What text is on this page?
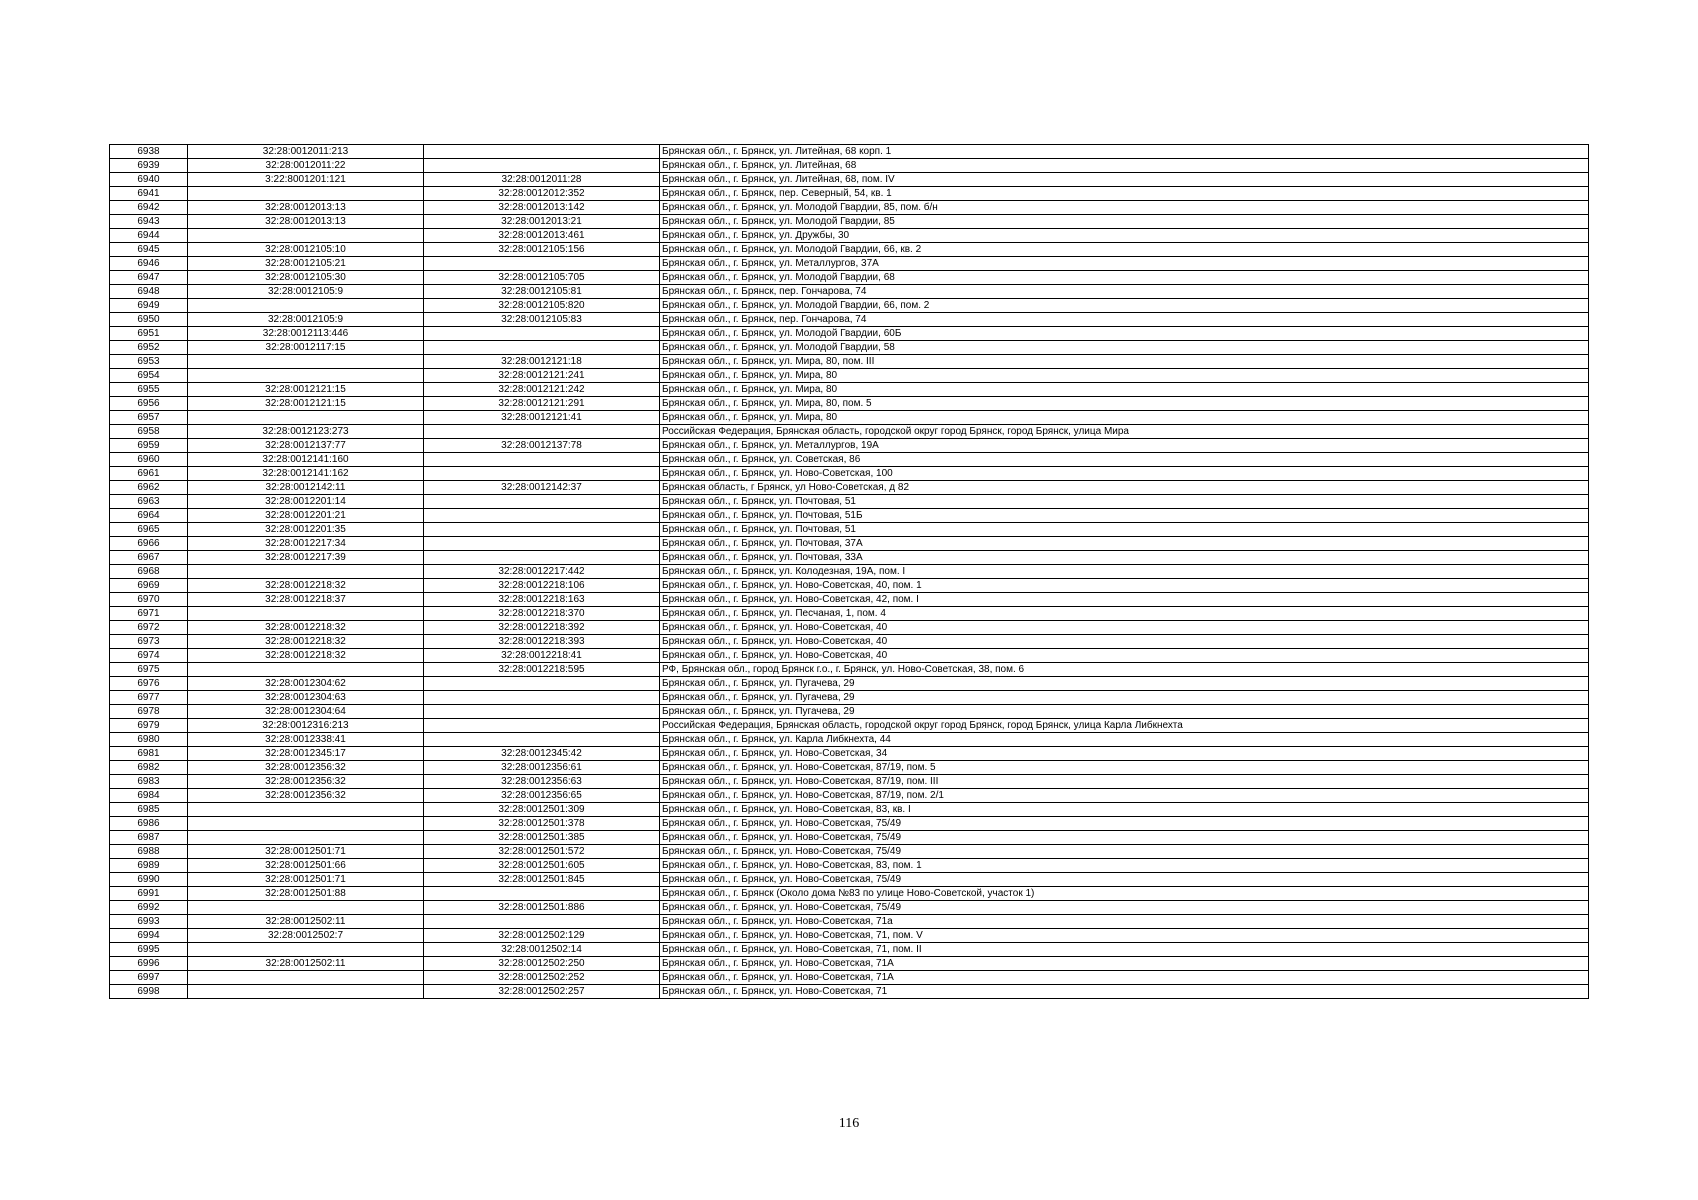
6938	32:28:0012011:213		Брянская обл., г. Брянск, ул. Литейная, 68 корп. 1
6939	32:28:0012011:22		Брянская обл., г. Брянск, ул. Литейная, 68
6940	3:22:8001201:121	32:28:0012011:28	Брянская обл., г. Брянск, ул. Литейная, 68, пом. IV
6941		32:28:0012012:352	Брянская обл., г. Брянск, пер. Северный, 54, кв. 1
6942	32:28:0012013:13	32:28:0012013:142	Брянская обл., г. Брянск, ул. Молодой Гвардии, 85, пом. б/н
6943	32:28:0012013:13	32:28:0012013:21	Брянская обл., г. Брянск, ул. Молодой Гвардии, 85
6944		32:28:0012013:461	Брянская обл., г. Брянск, ул. Дружбы, 30
6945	32:28:0012105:10	32:28:0012105:156	Брянская обл., г. Брянск, ул. Молодой Гвардии, 66, кв. 2
6946	32:28:0012105:21		Брянская обл., г. Брянск, ул. Металлургов, 37А
6947	32:28:0012105:30	32:28:0012105:705	Брянская обл., г. Брянск, ул. Молодой Гвардии, 68
6948	32:28:0012105:9	32:28:0012105:81	Брянская обл., г. Брянск, пер. Гончарова, 74
6949		32:28:0012105:820	Брянская обл., г. Брянск, ул. Молодой Гвардии, 66, пом. 2
6950	32:28:0012105:9	32:28:0012105:83	Брянская обл., г. Брянск, пер. Гончарова, 74
6951	32:28:0012113:446		Брянская обл., г. Брянск, ул. Молодой Гвардии, 60Б
6952	32:28:0012117:15		Брянская обл., г. Брянск, ул. Молодой Гвардии, 58
6953		32:28:0012121:18	Брянская обл., г. Брянск, ул. Мира, 80, пом. III
6954		32:28:0012121:241	Брянская обл., г. Брянск, ул. Мира, 80
6955	32:28:0012121:15	32:28:0012121:242	Брянская обл., г. Брянск, ул. Мира, 80
6956	32:28:0012121:15	32:28:0012121:291	Брянская обл., г. Брянск, ул. Мира, 80, пом. 5
6957		32:28:0012121:41	Брянская обл., г. Брянск, ул. Мира, 80
6958	32:28:0012123:273		Российская Федерация, Брянская область, городской округ город Брянск, город Брянск, улица Мира
6959	32:28:0012137:77	32:28:0012137:78	Брянская обл., г. Брянск, ул. Металлургов, 19А
6960	32:28:0012141:160		Брянская обл., г. Брянск, ул. Советская, 86
6961	32:28:0012141:162		Брянская обл., г. Брянск, ул. Ново-Советская, 100
6962	32:28:0012142:11	32:28:0012142:37	Брянская область, г Брянск, ул Ново-Советская, д 82
6963	32:28:0012201:14		Брянская обл., г. Брянск, ул. Почтовая, 51
6964	32:28:0012201:21		Брянская обл., г. Брянск, ул. Почтовая, 51Б
6965	32:28:0012201:35		Брянская обл., г. Брянск, ул. Почтовая, 51
6966	32:28:0012217:34		Брянская обл., г. Брянск, ул. Почтовая, 37А
6967	32:28:0012217:39		Брянская обл., г. Брянск, ул. Почтовая, 33А
6968		32:28:0012217:442	Брянская обл., г. Брянск, ул. Колодезная, 19А, пом. I
6969	32:28:0012218:32	32:28:0012218:106	Брянская обл., г. Брянск, ул. Ново-Советская, 40, пом. 1
6970	32:28:0012218:37	32:28:0012218:163	Брянская обл., г. Брянск, ул. Ново-Советская, 42, пом. I
6971		32:28:0012218:370	Брянская обл., г. Брянск, ул. Песчаная, 1, пом. 4
6972	32:28:0012218:32	32:28:0012218:392	Брянская обл., г. Брянск, ул. Ново-Советская, 40
6973	32:28:0012218:32	32:28:0012218:393	Брянская обл., г. Брянск, ул. Ново-Советская, 40
6974	32:28:0012218:32	32:28:0012218:41	Брянская обл., г. Брянск, ул. Ново-Советская, 40
6975		32:28:0012218:595	РФ, Брянская обл., город Брянск г.о., г. Брянск, ул. Ново-Советская, 38, пом. 6
6976	32:28:0012304:62		Брянская обл., г. Брянск, ул. Пугачева, 29
6977	32:28:0012304:63		Брянская обл., г. Брянск, ул. Пугачева, 29
6978	32:28:0012304:64		Брянская обл., г. Брянск, ул. Пугачева, 29
6979	32:28:0012316:213		Российская Федерация, Брянская область, городской округ город Брянск, город Брянск, улица Карла Либкнехта
6980	32:28:0012338:41		Брянская обл., г. Брянск, ул. Карла Либкнехта, 44
6981	32:28:0012345:17	32:28:0012345:42	Брянская обл., г. Брянск, ул. Ново-Советская, 34
6982	32:28:0012356:32	32:28:0012356:61	Брянская обл., г. Брянск, ул. Ново-Советская, 87/19, пом. 5
6983	32:28:0012356:32	32:28:0012356:63	Брянская обл., г. Брянск, ул. Ново-Советская, 87/19, пом. III
6984	32:28:0012356:32	32:28:0012356:65	Брянская обл., г. Брянск, ул. Ново-Советская, 87/19, пом. 2/1
6985		32:28:0012501:309	Брянская обл., г. Брянск, ул. Ново-Советская, 83, кв. I
6986		32:28:0012501:378	Брянская обл., г. Брянск, ул. Ново-Советская, 75/49
6987		32:28:0012501:385	Брянская обл., г. Брянск, ул. Ново-Советская, 75/49
6988	32:28:0012501:71	32:28:0012501:572	Брянская обл., г. Брянск, ул. Ново-Советская, 75/49
6989	32:28:0012501:66	32:28:0012501:605	Брянская обл., г. Брянск, ул. Ново-Советская, 83, пом. 1
6990	32:28:0012501:71	32:28:0012501:845	Брянская обл., г. Брянск, ул. Ново-Советская, 75/49
6991	32:28:0012501:88		Брянская обл., г. Брянск (Около дома №83 по улице Ново-Советской, участок 1)
6992		32:28:0012501:886	Брянская обл., г. Брянск, ул. Ново-Советская, 75/49
6993	32:28:0012502:11		Брянская обл., г. Брянск, ул. Ново-Советская, 71а
6994	32:28:0012502:7	32:28:0012502:129	Брянская обл., г. Брянск, ул. Ново-Советская, 71, пом. V
6995		32:28:0012502:14	Брянская обл., г. Брянск, ул. Ново-Советская, 71, пом. II
6996	32:28:0012502:11	32:28:0012502:250	Брянская обл., г. Брянск, ул. Ново-Советская, 71А
6997		32:28:0012502:252	Брянская обл., г. Брянск, ул. Ново-Советская, 71А
6998		32:28:0012502:257	Брянская обл., г. Брянск, ул. Ново-Советская, 71
116
